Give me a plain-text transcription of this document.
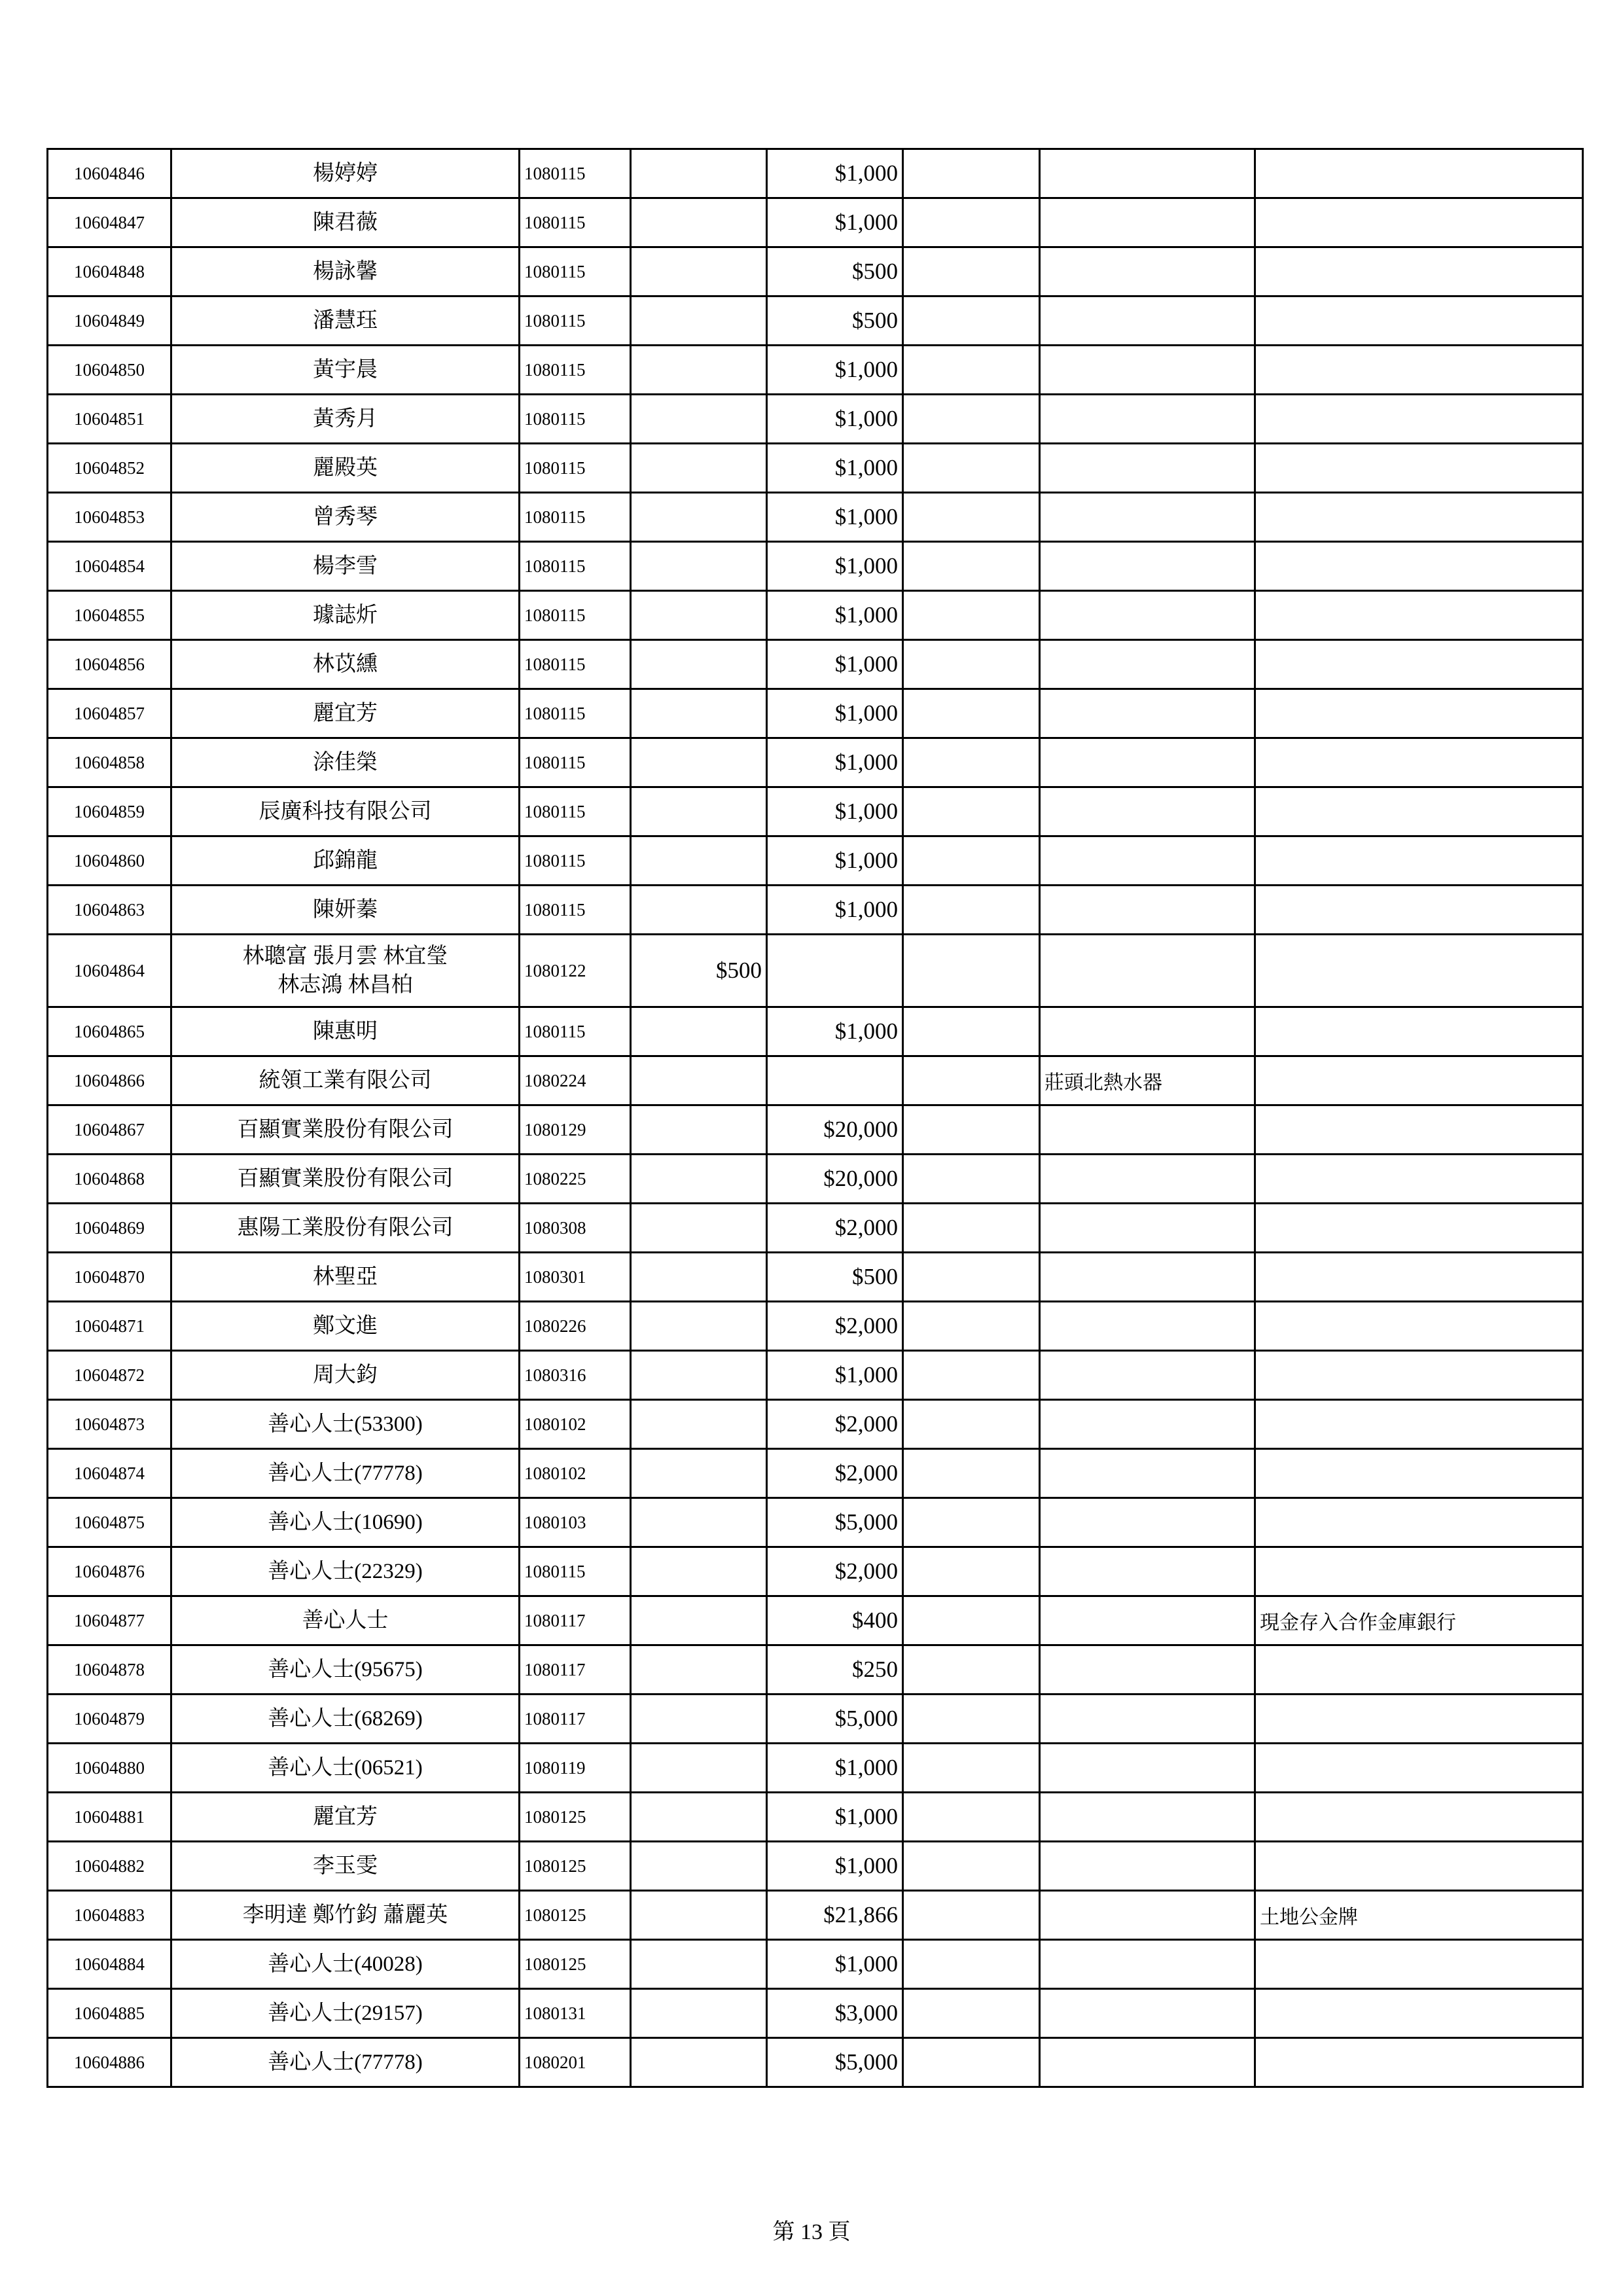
10604846	楊婷婷	1080115		$1,000			
10604847	陳君薇	1080115		$1,000			
10604848	楊詠馨	1080115		$500			
10604849	潘慧珏	1080115		$500			
10604850	黃宇晨	1080115		$1,000			
10604851	黃秀月	1080115		$1,000			
10604852	麗殿英	1080115		$1,000			
10604853	曾秀琴	1080115		$1,000			
10604854	楊李雪	1080115		$1,000			
10604855	璩誌炘	1080115		$1,000			
10604856	林苡纁	1080115		$1,000			
10604857	麗宜芳	1080115		$1,000			
10604858	涂佳榮	1080115		$1,000			
10604859	辰廣科技有限公司	1080115		$1,000			
10604860	邱錦龍	1080115		$1,000			
10604863	陳妍蓁	1080115		$1,000			
10604864	林聰富 張月雲 林宜瑩
林志鴻 林昌柏	1080122	$500				
10604865	陳惠明	1080115		$1,000			
10604866	統領工業有限公司	1080224				莊頭北熱水器	
10604867	百顯實業股份有限公司	1080129		$20,000			
10604868	百顯實業股份有限公司	1080225		$20,000			
10604869	惠陽工業股份有限公司	1080308		$2,000			
10604870	林聖亞	1080301		$500			
10604871	鄭文進	1080226		$2,000			
10604872	周大鈞	1080316		$1,000			
10604873	善心人士(53300)	1080102		$2,000			
10604874	善心人士(77778)	1080102		$2,000			
10604875	善心人士(10690)	1080103		$5,000			
10604876	善心人士(22329)	1080115		$2,000			
10604877	善心人士	1080117		$400			現金存入合作金庫銀行
10604878	善心人士(95675)	1080117		$250			
10604879	善心人士(68269)	1080117		$5,000			
10604880	善心人士(06521)	1080119		$1,000			
10604881	麗宜芳	1080125		$1,000			
10604882	李玉雯	1080125		$1,000			
10604883	李明達 鄭竹鈞 蕭麗英	1080125		$21,866			土地公金牌
10604884	善心人士(40028)	1080125		$1,000			
10604885	善心人士(29157)	1080131		$3,000			
10604886	善心人士(77778)	1080201		$5,000			
第 13 頁
